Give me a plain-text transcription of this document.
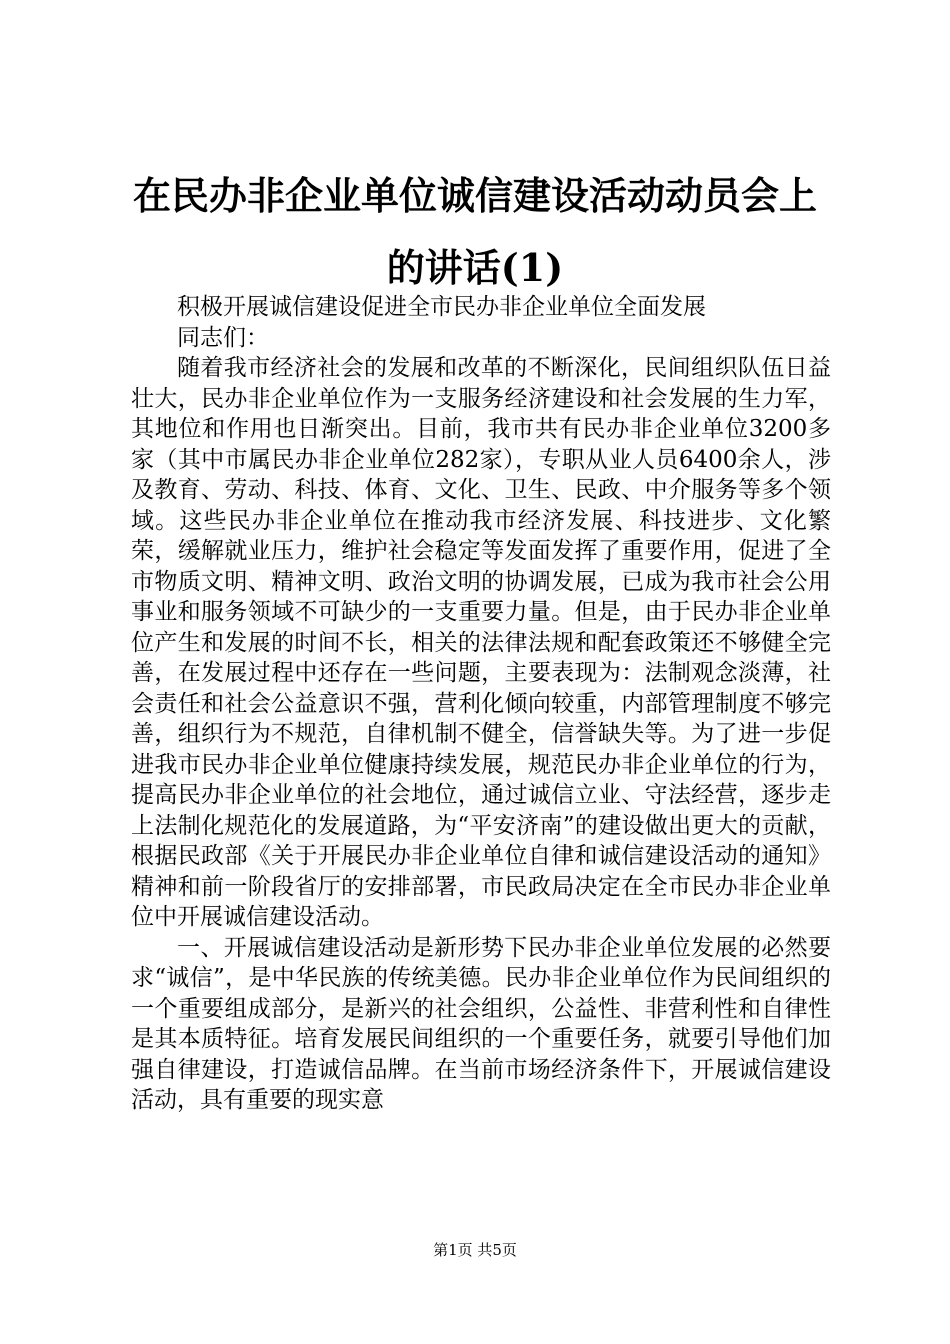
在民办非企业单位诚信建设活动动员会上的讲话(1)

积极开展诚信建设促进全市民办非企业单位全面发展

同志们：

随着我市经济社会的发展和改革的不断深化，民间组织队伍日益壮大，民办非企业单位作为一支服务经济建设和社会发展的生力军，其地位和作用也日渐突出。目前，我市共有民办非企业单位3200多家（其中市属民办非企业单位282家），专职从业人员6400余人，涉及教育、劳动、科技、体育、文化、卫生、民政、中介服务等多个领域。这些民办非企业单位在推动我市经济发展、科技进步、文化繁荣，缓解就业压力，维护社会稳定等发面发挥了重要作用，促进了全市物质文明、精神文明、政治文明的协调发展，已成为我市社会公用事业和服务领域不可缺少的一支重要力量。但是，由于民办非企业单位产生和发展的时间不长，相关的法律法规和配套政策还不够健全完善，在发展过程中还存在一些问题，主要表现为：法制观念淡薄，社会责任和社会公益意识不强，营利化倾向较重，内部管理制度不够完善，组织行为不规范，自律机制不健全，信誉缺失等。为了进一步促进我市民办非企业单位健康持续发展，规范民办非企业单位的行为，提高民办非企业单位的社会地位，通过诚信立业、守法经营，逐步走上法制化规范化的发展道路，为“平安济南”的建设做出更大的贡献，根据民政部《关于开展民办非企业单位自律和诚信建设活动的通知》精神和前一阶段省厅的安排部署，市民政局决定在全市民办非企业单位中开展诚信建设活动。

一、开展诚信建设活动是新形势下民办非企业单位发展的必然要求“诚信”，是中华民族的传统美德。民办非企业单位作为民间组织的一个重要组成部分，是新兴的社会组织，公益性、非营利性和自律性是其本质特征。培育发展民间组织的一个重要任务，就要引导他们加强自律建设，打造诚信品牌。在当前市场经济条件下，开展诚信建设活动，具有重要的现实意

第1页 共5页
